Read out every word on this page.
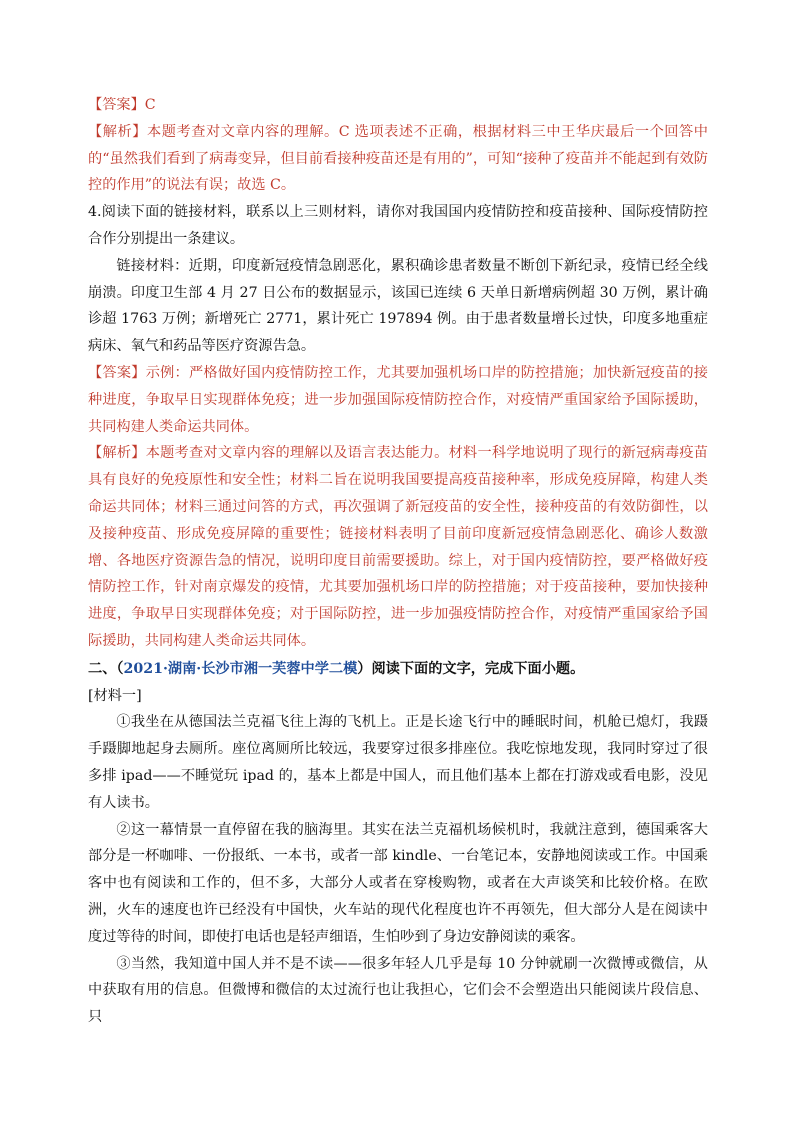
【答案】C

【解析】本题考查对文章内容的理解。C 选项表述不正确，根据材料三中王华庆最后一个回答中的“虽然我们看到了病毒变异，但目前看接种疫苗还是有用的”，可知“接种了疫苗并不能起到有效防控的作用”的说法有误；故选 C。

4.阅读下面的链接材料，联系以上三则材料，请你对我国国内疫情防控和疫苗接种、国际疫情防控合作分别提出一条建议。

链接材料：近期，印度新冠疫情急剧恶化，累积确诊患者数量不断创下新纪录，疫情已经全线崩溃。印度卫生部 4 月 27 日公布的数据显示，该国已连续 6 天单日新增病例超 30 万例，累计确诊超 1763 万例；新增死亡 2771，累计死亡 197894 例。由于患者数量增长过快，印度多地重症病床、氧气和药品等医疗资源告急。

【答案】示例：严格做好国内疫情防控工作，尤其要加强机场口岸的防控措施；加快新冠疫苗的接种进度，争取早日实现群体免疫；进一步加强国际疫情防控合作，对疫情严重国家给予国际援助，共同构建人类命运共同体。

【解析】本题考查对文章内容的理解以及语言表达能力。材料一科学地说明了现行的新冠病毒疫苗具有良好的免疫原性和安全性；材料二旨在说明我国要提高疫苗接种率，形成免疫屏障，构建人类命运共同体；材料三通过问答的方式，再次强调了新冠疫苗的安全性，接种疫苗的有效防御性，以及接种疫苗、形成免疫屏障的重要性；链接材料表明了目前印度新冠疫情急剧恶化、确诊人数激增、各地医疗资源告急的情况，说明印度目前需要援助。综上，对于国内疫情防控，要严格做好疫情防控工作，针对南京爆发的疫情，尤其要加强机场口岸的防控措施；对于疫苗接种，要加快接种进度，争取早日实现群体免疫；对于国际防控，进一步加强疫情防控合作，对疫情严重国家给予国际援助，共同构建人类命运共同体。

二、（2021·湖南·长沙市湘一芙蓉中学二模）阅读下面的文字，完成下面小题。

[材料一]

①我坐在从德国法兰克福飞往上海的飞机上。正是长途飞行中的睡眠时间，机舱已熄灯，我蹑手蹑脚地起身去厕所。座位离厕所比较远，我要穿过很多排座位。我吃惊地发现，我同时穿过了很多排 ipad——不睡觉玩 ipad 的，基本上都是中国人，而且他们基本上都在打游戏或看电影，没见有人读书。

②这一幕情景一直停留在我的脑海里。其实在法兰克福机场候机时，我就注意到，德国乘客大部分是一杯咖啡、一份报纸、一本书，或者一部 kindle、一台笔记本，安静地阅读或工作。中国乘客中也有阅读和工作的，但不多，大部分人或者在穿梭购物，或者在大声谈笑和比较价格。在欧洲，火车的速度也许已经没有中国快，火车站的现代化程度也许不再领先，但大部分人是在阅读中度过等待的时间，即使打电话也是轻声细语，生怕吵到了身边安静阅读的乘客。

③当然，我知道中国人并不是不读——很多年轻人几乎是每 10 分钟就刷一次微博或微信，从中获取有用的信息。但微博和微信的太过流行也让我担心，它们会不会塑造出只能阅读片段信息、只
